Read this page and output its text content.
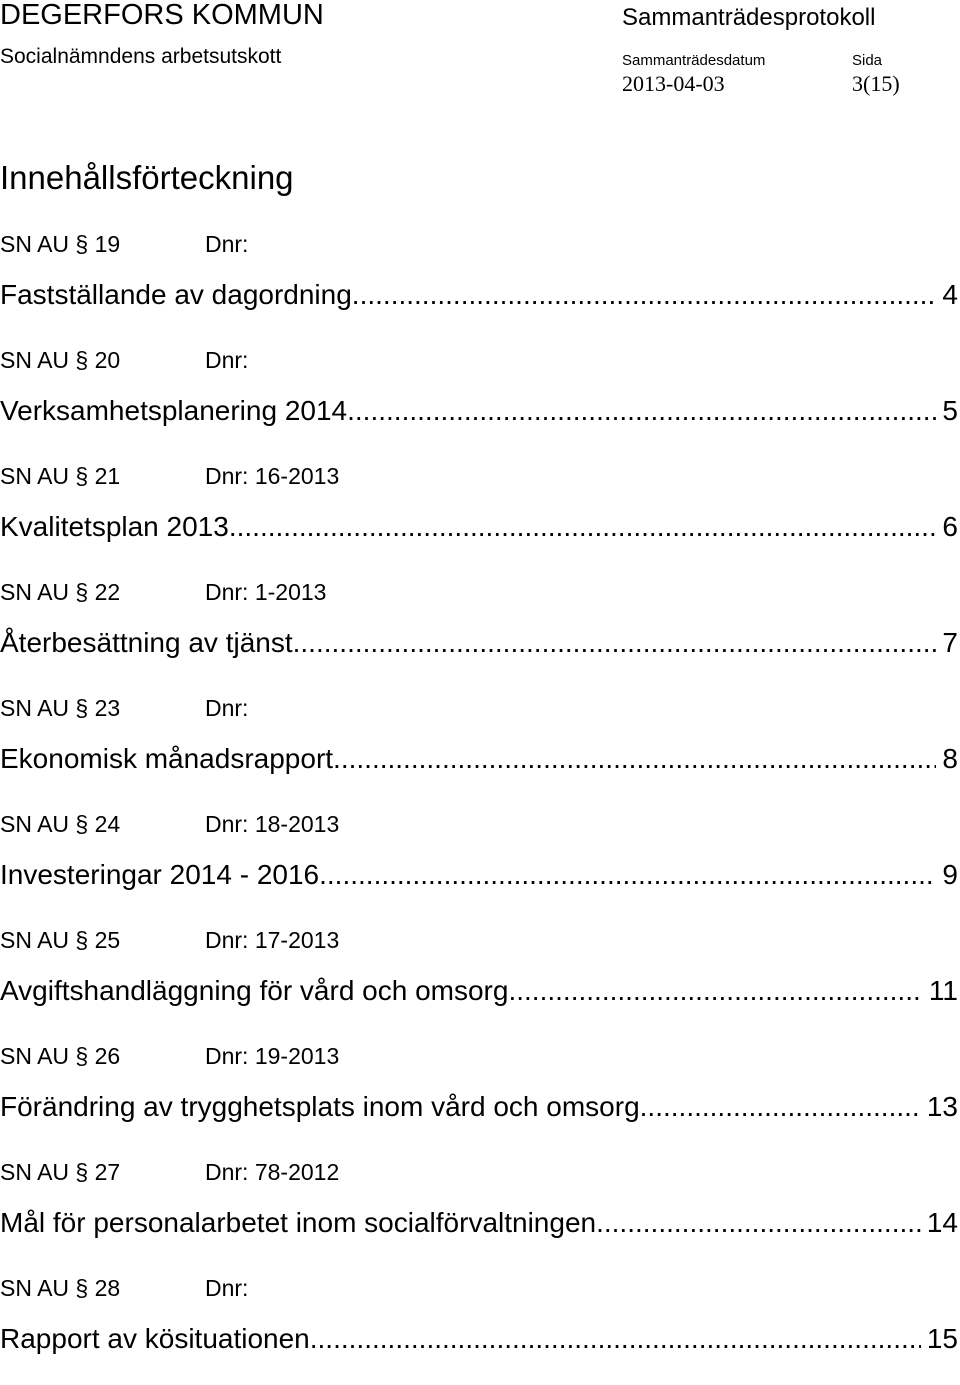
DEGERFORS KOMMUN
Socialnämndens arbetsutskott
Sammanträdesprotokoll
Sammanträdesdatum	Sida
2013-04-03	3(15)
Innehållsförteckning
SN AU § 19	Dnr:
Fastställande av dagordning .....	4
SN AU § 20	Dnr:
Verksamhetsplanering 2014 .....	5
SN AU § 21	Dnr: 16-2013
Kvalitetsplan 2013 .....	6
SN AU § 22	Dnr: 1-2013
Återbesättning av tjänst .....	7
SN AU § 23	Dnr:
Ekonomisk månadsrapport .....	8
SN AU § 24	Dnr: 18-2013
Investeringar 2014 - 2016 .....	9
SN AU § 25	Dnr: 17-2013
Avgiftshandläggning för vård och omsorg .....	11
SN AU § 26	Dnr: 19-2013
Förändring av trygghetsplats inom vård och omsorg .....	13
SN AU § 27	Dnr: 78-2012
Mål för personalarbetet inom socialförvaltningen .....	14
SN AU § 28	Dnr:
Rapport av kösituationen .....	15
